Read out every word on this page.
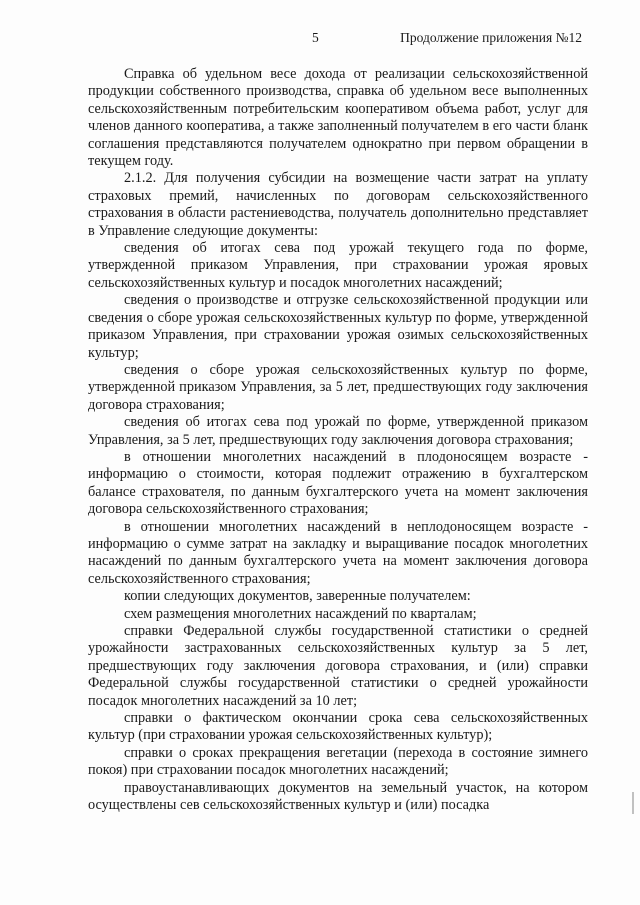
5	Продолжение приложения №12

Справка об удельном весе дохода от реализации сельскохозяйственной продукции собственного производства, справка об удельном весе выполненных сельскохозяйственным потребительским кооперативом объема работ, услуг для членов данного кооператива, а также заполненный получателем в его части бланк соглашения представляются получателем однократно при первом обращении в текущем году.

2.1.2. Для получения субсидии на возмещение части затрат на уплату страховых премий, начисленных по договорам сельскохозяйственного страхования в области растениеводства, получатель дополнительно представляет в Управление следующие документы:

сведения об итогах сева под урожай текущего года по форме, утвержденной приказом Управления, при страховании урожая яровых сельскохозяйственных культур и посадок многолетних насаждений;

сведения о производстве и отгрузке сельскохозяйственной продукции или сведения о сборе урожая сельскохозяйственных культур по форме, утвержденной приказом Управления, при страховании урожая озимых сельскохозяйственных культур;

сведения о сборе урожая сельскохозяйственных культур по форме, утвержденной приказом Управления, за 5 лет, предшествующих году заключения договора страхования;

сведения об итогах сева под урожай по форме, утвержденной приказом Управления, за 5 лет, предшествующих году заключения договора страхования;

в отношении многолетних насаждений в плодоносящем возрасте - информацию о стоимости, которая подлежит отражению в бухгалтерском балансе страхователя, по данным бухгалтерского учета на момент заключения договора сельскохозяйственного страхования;

в отношении многолетних насаждений в неплодоносящем возрасте - информацию о сумме затрат на закладку и выращивание посадок многолетних насаждений по данным бухгалтерского учета на момент заключения договора сельскохозяйственного страхования;

копии следующих документов, заверенные получателем:

схем размещения многолетних насаждений по кварталам;

справки Федеральной службы государственной статистики о средней урожайности застрахованных сельскохозяйственных культур за 5 лет, предшествующих году заключения договора страхования, и (или) справки Федеральной службы государственной статистики о средней урожайности посадок многолетних насаждений за 10 лет;

справки о фактическом окончании срока сева сельскохозяйственных культур (при страховании урожая сельскохозяйственных культур);

справки о сроках прекращения вегетации (перехода в состояние зимнего покоя) при страховании посадок многолетних насаждений;

правоустанавливающих документов на земельный участок, на котором осуществлены сев сельскохозяйственных культур и (или) посадка
